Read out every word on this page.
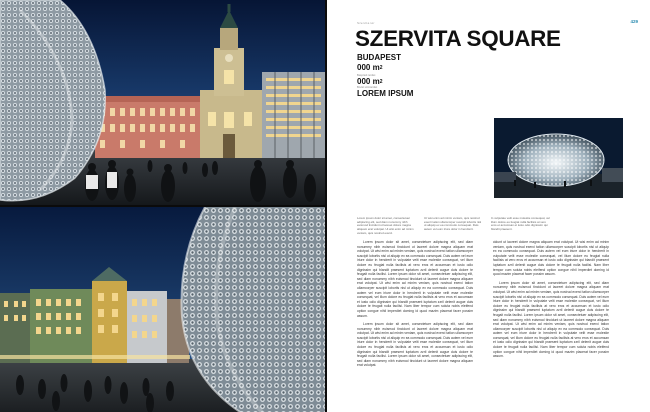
Szervita tér	429
SZERVITA SQUARE
BUDAPEST
000 $m^2$
Beépített terület
000 $m^2$
Bruttó szintterület
LOREM IPSUM
Lorem ipsum dolor sit amet, consectetuer adipiscing elit, sed diam nonummy nibh euismod tincidunt ut laoreet dolore magna aliquam erat volutpat. Ut wisi enim ad minim veniam, quis nostrud exerci.
Ut wisi enim ad minim veniam, quis nostrud exerci tation ullamcorper suscipit lobortis nisl ut aliquip ex ea commodo consequat. Duis autem vel eum iriure dolor in hendrerit.
In vulputate velit esse molestie consequat, vel illum dolore eu feugiat nulla facilisis at vero eros et accumsan et iusto odio dignissim qui blandit praesent.

Lorem ipsum dolor sit amet, consectetuer adipiscing elit, sed diam nonummy nibh euismod tincidunt ut laoreet dolore magna aliquam erat volutpat. Ut wisi enim ad minim veniam, quis nostrud exerci tation ullamcorper suscipit lobortis nisl ut aliquip ex ea commodo consequat. Duis autem vel eum iriure dolor in hendrerit in vulputate velit esse molestie consequat, vel illum dolore eu feugiat nulla facilisis at vero eros et accumsan et iusto odio dignissim qui blandit praesent luptatum zzril delenit augue duis dolore te feugait nulla facilisi. Lorem ipsum dolor sit amet, consectetuer adipiscing elit, sed diam nonummy nibh euismod tincidunt ut laoreet dolore magna aliquam erat volutpat. Ut wisi enim ad minim veniam, quis nostrud exerci tation ullamcorper suscipit lobortis nisl ut aliquip ex ea commodo consequat. Duis autem vel eum iriure dolor in hendrerit in vulputate velit esse molestie consequat, vel illum dolore eu feugiat nulla facilisis at vero eros et accumsan et iusto odio dignissim qui blandit praesent luptatum zzril delenit augue duis dolore te feugait nulla facilisi. Nam liber tempor cum soluta nobis eleifend option congue nihil imperdiet doming id quod mazim placerat facer possim assum.

Lorem ipsum dolor sit amet, consectetuer adipiscing elit, sed diam nonummy nibh euismod tincidunt ut laoreet dolore magna aliquam erat volutpat. Ut wisi enim ad minim veniam, quis nostrud exerci tation ullamcorper suscipit lobortis nisl ut aliquip ex ea commodo consequat. Duis autem vel eum iriure dolor in hendrerit in vulputate velit esse molestie consequat, vel illum dolore eu feugiat nulla facilisis at vero eros et accumsan et iusto odio dignissim qui blandit praesent luptatum zzril delenit augue duis dolore te feugait nulla facilisi. Lorem ipsum dolor sit amet, consectetuer adipiscing elit, sed diam nonummy nibh euismod tincidunt ut laoreet dolore magna aliquam erat volutpat.

cidunt ut laoreet dolore magna aliquam erat volutpat. Ut wisi enim ad minim veniam, quis nostrud exerci tation ullamcorper suscipit lobortis nisl ut aliquip ex ea commodo consequat. Duis autem vel eum iriure dolor in hendrerit in vulputate velit esse molestie consequat, vel illum dolore eu feugiat nulla facilisis at vero eros et accumsan et iusto odio dignissim qui blandit praesent luptatum zzril delenit augue duis dolore te feugait nulla facilisi. Nam liber tempor cum soluta nobis eleifend option congue nihil imperdiet doming id quod mazim placerat facer possim assum.

Lorem ipsum dolor sit amet, consectetuer adipiscing elit, sed diam nonummy nibh euismod tincidunt ut laoreet dolore magna aliquam erat volutpat. Ut wisi enim ad minim veniam, quis nostrud exerci tation ullamcorper suscipit lobortis nisl ut aliquip ex ea commodo consequat. Duis autem vel eum iriure dolor in hendrerit in vulputate velit esse molestie consequat, vel illum dolore eu feugiat nulla facilisis at vero eros et accumsan et iusto odio dignissim qui blandit praesent luptatum zzril delenit augue duis dolore te feugait nulla facilisi. Lorem ipsum dolor sit amet, consectetuer adipiscing elit, sed diam nonummy nibh euismod tincidunt ut laoreet dolore magna aliquam erat volutpat. Ut wisi enim ad minim veniam, quis nostrud exerci tation ullamcorper suscipit lobortis nisl ut aliquip ex ea commodo consequat. Duis autem vel eum iriure dolor in hendrerit in vulputate velit esse molestie consequat, vel illum dolore eu feugiat nulla facilisis at vero eros et accumsan et iusto odio dignissim qui blandit praesent luptatum zzril delenit augue duis dolore te feugait nulla facilisi. Nam liber tempor cum soluta nobis eleifend option congue nihil imperdiet doming id quod mazim placerat facer possim assum.
